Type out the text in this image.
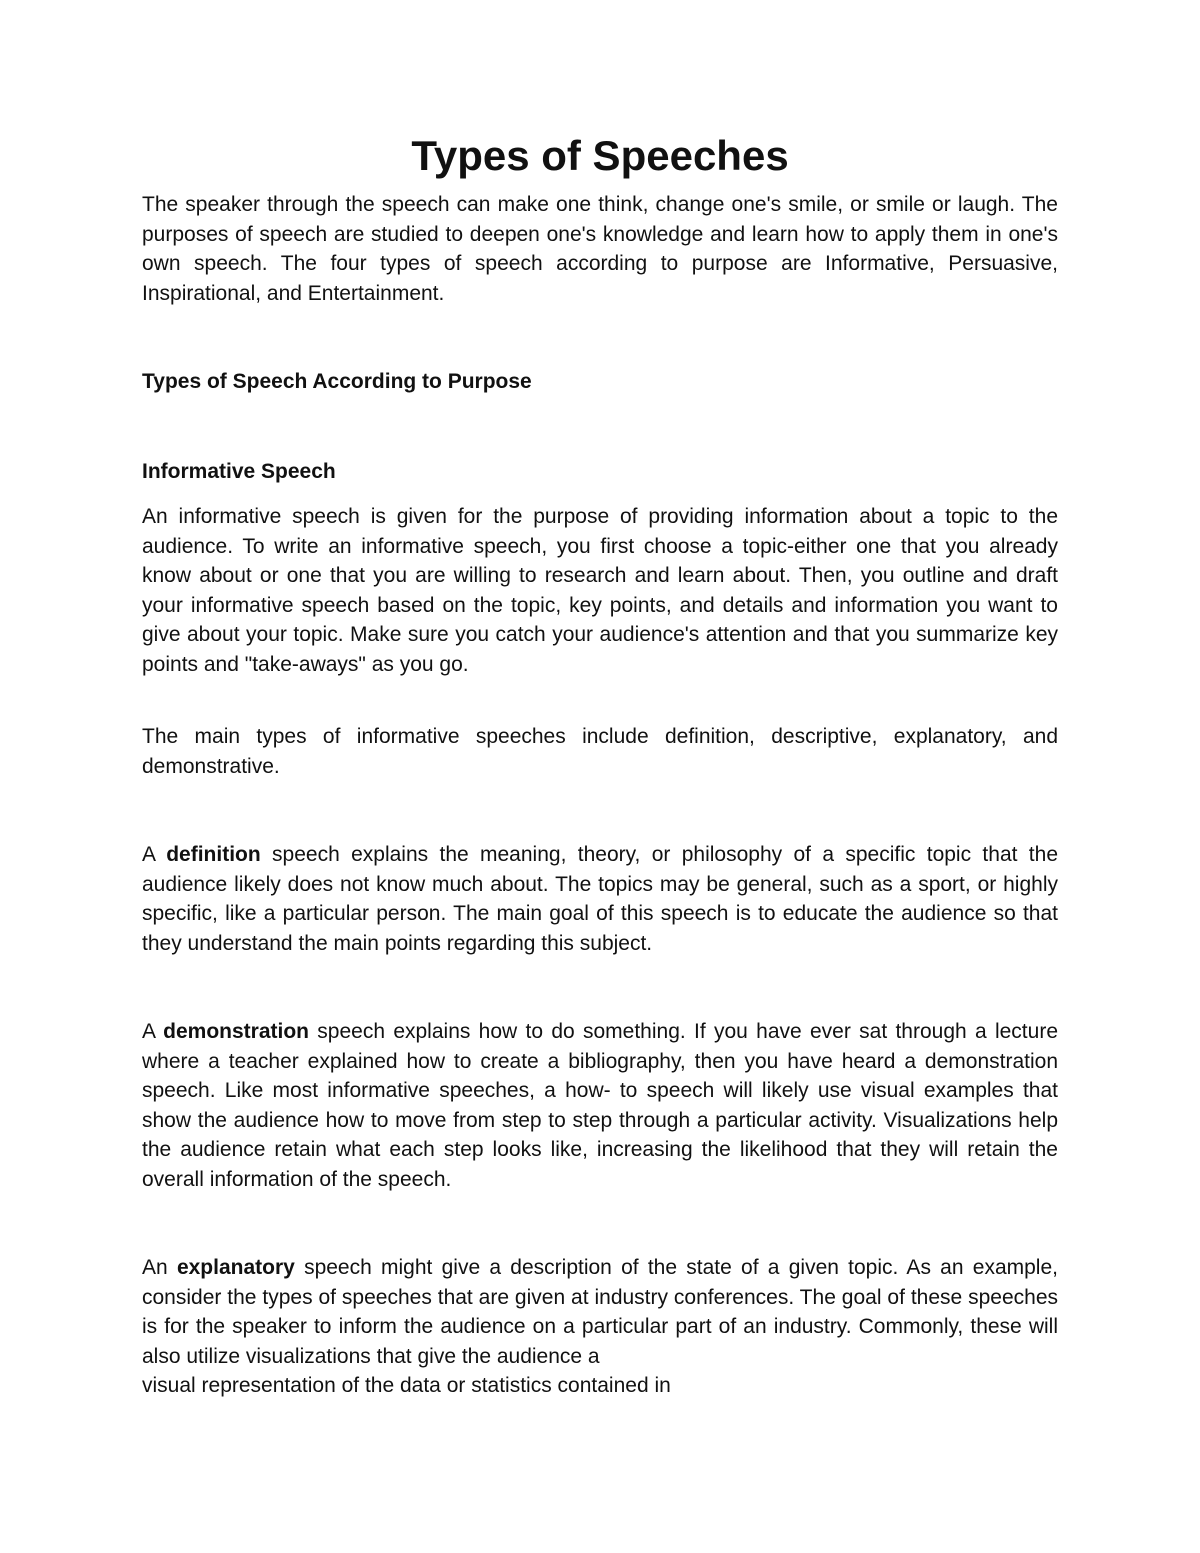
Types of Speeches

The speaker through the speech can make one think, change one's smile, or smile or laugh. The purposes of speech are studied to deepen one's knowledge and learn how to apply them in one's own speech. The four types of speech according to purpose are Informative, Persuasive, Inspirational, and Entertainment.

Types of Speech According to Purpose

Informative Speech

An informative speech is given for the purpose of providing information about a topic to the audience. To write an informative speech, you first choose a topic-either one that you already know about or one that you are willing to research and learn about. Then, you outline and draft your informative speech based on the topic, key points, and details and information you want to give about your topic. Make sure you catch your audience's attention and that you summarize key points and "take-aways" as you go.

The main types of informative speeches include definition, descriptive, explanatory, and demonstrative.

A definition speech explains the meaning, theory, or philosophy of a specific topic that the audience likely does not know much about. The topics may be general, such as a sport, or highly specific, like a particular person. The main goal of this speech is to educate the audience so that they understand the main points regarding this subject.

A demonstration speech explains how to do something. If you have ever sat through a lecture where a teacher explained how to create a bibliography, then you have heard a demonstration speech. Like most informative speeches, a how- to speech will likely use visual examples that show the audience how to move from step to step through a particular activity. Visualizations help the audience retain what each step looks like, increasing the likelihood that they will retain the overall information of the speech.

An explanatory speech might give a description of the state of a given topic. As an example, consider the types of speeches that are given at industry conferences. The goal of these speeches is for the speaker to inform the audience on a particular part of an industry. Commonly, these will also utilize visualizations that give the audience a

visual representation of the data or statistics contained in
